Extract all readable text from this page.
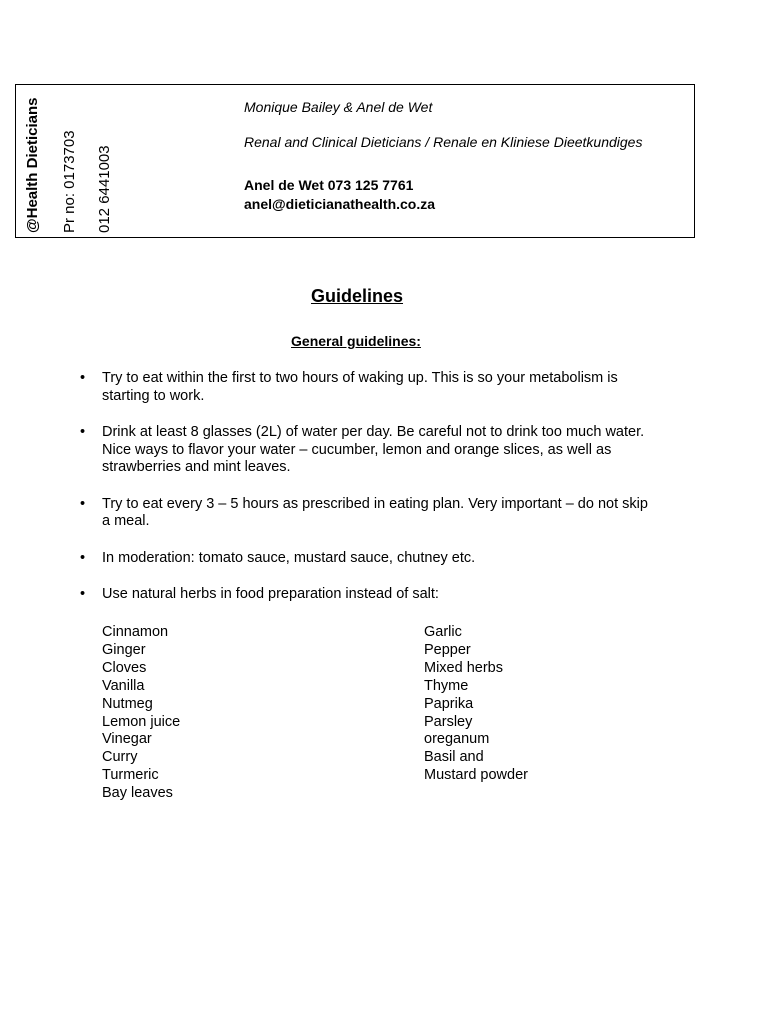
@Health Dieticians Pr no: 0173703 012 6441003
Monique Bailey & Anel de Wet
Renal and Clinical Dieticians / Renale en Kliniese Dieetkundiges
Anel de Wet 073 125 7761
anel@dieticianathealth.co.za
Guidelines
General guidelines:
• Try to eat within the first to two hours of waking up. This is so your metabolism is starting to work.
• Drink at least 8 glasses (2L) of water per day. Be careful not to drink too much water. Nice ways to flavor your water – cucumber, lemon and orange slices, as well as strawberries and mint leaves.
• Try to eat every 3 – 5 hours as prescribed in eating plan. Very important – do not skip a meal.
• In moderation: tomato sauce, mustard sauce, chutney etc.
• Use natural herbs in food preparation instead of salt:
Cinnamon
Ginger
Cloves
Vanilla
Nutmeg
Lemon juice
Vinegar
Curry
Turmeric
Bay leaves
Garlic
Pepper
Mixed herbs
Thyme
Paprika
Parsley
oreganum
Basil and
Mustard powder
